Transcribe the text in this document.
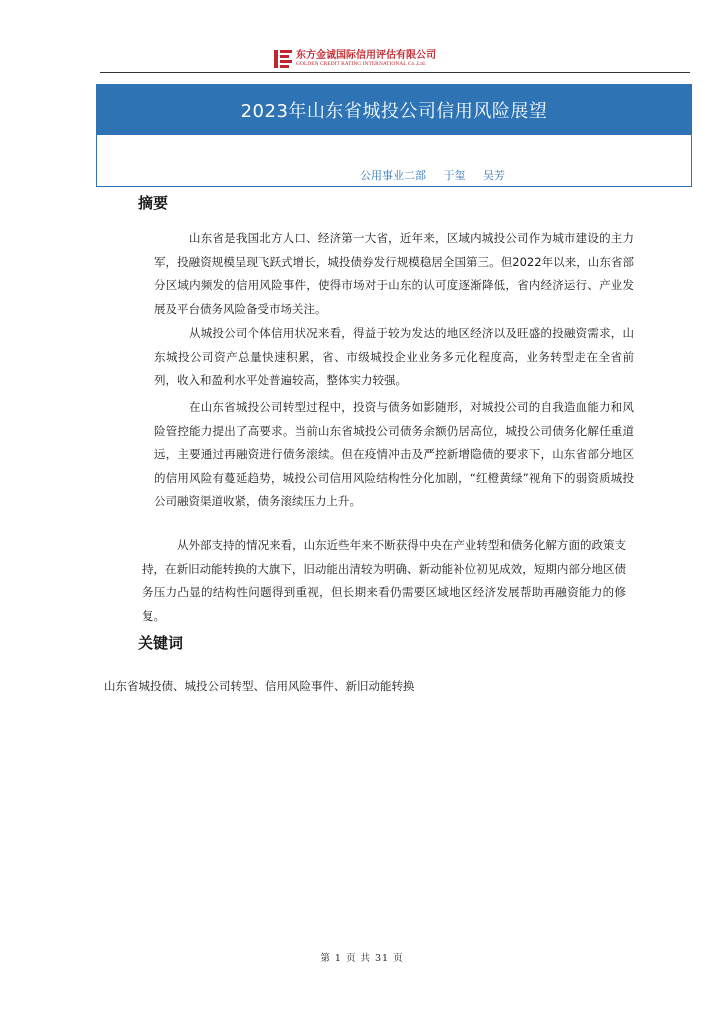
东方金诚国际信用评估有限公司
GOLDEN CREDIT RATING INTERNATIONAL Co.,Ltd.
2023年山东省城投公司信用风险展望
公用事业二部 于玺 吴芳
摘要

山东省是我国北方人口、经济第一大省，近年来，区域内城投公司作为城市建设的主力军，投融资规模呈现飞跃式增长，城投债券发行规模稳居全国第三。但2022年以来，山东省部分区域内频发的信用风险事件，使得市场对于山东的认可度逐渐降低，省内经济运行、产业发展及平台债务风险备受市场关注。

从城投公司个体信用状况来看，得益于较为发达的地区经济以及旺盛的投融资需求，山东城投公司资产总量快速积累，省、市级城投企业业务多元化程度高，业务转型走在全省前列，收入和盈利水平处普遍较高，整体实力较强。

在山东省城投公司转型过程中，投资与债务如影随形，对城投公司的自我造血能力和风险管控能力提出了高要求。当前山东省城投公司债务余额仍居高位，城投公司债务化解任重道远，主要通过再融资进行债务滚续。但在疫情冲击及严控新增隐债的要求下，山东省部分地区的信用风险有蔓延趋势，城投公司信用风险结构性分化加剧，“红橙黄绿”视角下的弱资质城投公司融资渠道收紧，债务滚续压力上升。

从外部支持的情况来看，山东近些年来不断获得中央在产业转型和债务化解方面的政策支持，在新旧动能转换的大旗下，旧动能出清较为明确、新动能补位初见成效，短期内部分地区债务压力凸显的结构性问题得到重视，但长期来看仍需要区域地区经济发展帮助再融资能力的修复。

关键词
山东省城投债、城投公司转型、信用风险事件、新旧动能转换
第 1 页 共 31 页
